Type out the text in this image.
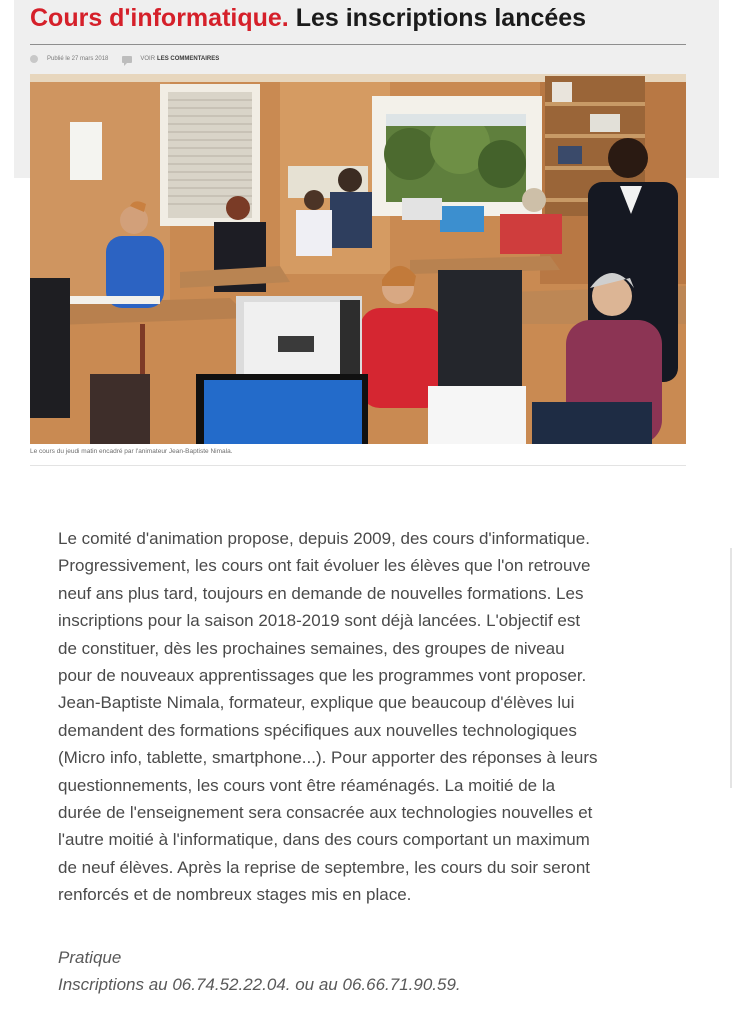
Cours d'informatique. Les inscriptions lancées
Publié le 27 mars 2018	VOIR LES COMMENTAIRES
Le cours du jeudi matin encadré par l'animateur Jean-Baptiste Nimala.

Le comité d'animation propose, depuis 2009, des cours d'informatique.
Progressivement, les cours ont fait évoluer les élèves que l'on retrouve
neuf ans plus tard, toujours en demande de nouvelles formations. Les
inscriptions pour la saison 2018-2019 sont déjà lancées. L'objectif est
de constituer, dès les prochaines semaines, des groupes de niveau
pour de nouveaux apprentissages que les programmes vont proposer.
Jean-Baptiste Nimala, formateur, explique que beaucoup d'élèves lui
demandent des formations spécifiques aux nouvelles technologiques
(Micro info, tablette, smartphone...). Pour apporter des réponses à leurs
questionnements, les cours vont être réaménagés. La moitié de la
durée de l'enseignement sera consacrée aux technologies nouvelles et
l'autre moitié à l'informatique, dans des cours comportant un maximum
de neuf élèves. Après la reprise de septembre, les cours du soir seront
renforcés et de nombreux stages mis en place.

Pratique
Inscriptions au 06.74.52.22.04. ou au 06.66.71.90.59.
